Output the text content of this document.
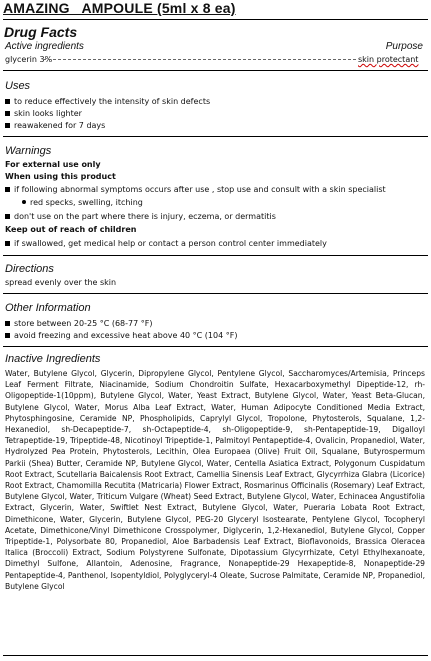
AMAZING   AMPOULE (5ml x 8 ea)
Drug Facts
Active ingredients	Purpose
glycerin 3%	skin protectant
Uses
to reduce effectively the intensity of skin defects
skin looks lighter
reawakened for 7 days
Warnings
For external use only
When using this product
if following abnormal symptoms occurs after use , stop use and consult with a skin specialist
red specks, swelling, itching
don't use on the part where there is injury, eczema, or dermatitis
Keep out of reach of children
if swallowed, get medical help or contact a person control center immediately
Directions
spread evenly over the skin
Other Information
store between 20-25 °C (68-77 °F)
avoid freezing and excessive heat above 40 °C (104 °F)
Inactive Ingredients
Water, Butylene Glycol, Glycerin, Dipropylene Glycol, Pentylene Glycol, Saccharomyces/Artemisia, Princeps Leaf Ferment Filtrate, Niacinamide, Sodium Chondroitin Sulfate, Hexacarboxymethyl Dipeptide-12, rh-Oligopeptide-1(10ppm), Butylene Glycol, Water, Yeast Extract, Butylene Glycol, Water, Yeast Beta-Glucan, Butylene Glycol, Water, Morus Alba Leaf Extract, Water, Human Adipocyte Conditioned Media Extract, Phytosphingosine, Ceramide NP, Phospholipids, Caprylyl Glycol, Tropolone, Phytosterols, Squalane, 1,2-Hexanediol, sh-Decapeptide-7, sh-Octapeptide-4, sh-Oligopeptide-9, sh-Pentapeptide-19, Digalloyl Tetrapeptide-19, Tripeptide-48, Nicotinoyl Tripeptide-1, Palmitoyl Pentapeptide-4, Ovalicin, Propanediol, Water, Hydrolyzed Pea Protein, Phytosterols, Lecithin, Olea Europaea (Olive) Fruit Oil, Squalane, Butyrospermum Parkii (Shea) Butter, Ceramide NP, Butylene Glycol, Water, Centella Asiatica Extract, Polygonum Cuspidatum Root Extract, Scutellaria Baicalensis Root Extract, Camellia Sinensis Leaf Extract, Glycyrrhiza Glabra (Licorice) Root Extract, Chamomilla Recutita (Matricaria) Flower Extract, Rosmarinus Officinalis (Rosemary) Leaf Extract, Butylene Glycol, Water, Triticum Vulgare (Wheat) Seed Extract, Butylene Glycol, Water, Echinacea Angustifolia Extract, Glycerin, Water, Swiftlet Nest Extract, Butylene Glycol, Water, Pueraria Lobata Root Extract, Dimethicone, Water, Glycerin, Butylene Glycol, PEG-20 Glyceryl Isostearate, Pentylene Glycol, Tocopheryl Acetate, Dimethicone/Vinyl Dimethicone Crosspolymer, Diglycerin, 1,2-Hexanediol, Butylene Glycol, Copper Tripeptide-1, Polysorbate 80, Propanediol, Aloe Barbadensis Leaf Extract, Bioflavonoids, Brassica Oleracea Italica (Broccoli) Extract, Sodium Polystyrene Sulfonate, Dipotassium Glycyrrhizate, Cetyl Ethylhexanoate, Dimethyl Sulfone, Allantoin, Adenosine, Fragrance, Nonapeptide-29 Hexapeptide-8, Nonapeptide-29 Pentapeptide-4, Panthenol, Isopentyldiol, Polyglyceryl-4 Oleate, Sucrose Palmitate, Ceramide NP, Propanediol, Butylene Glycol
